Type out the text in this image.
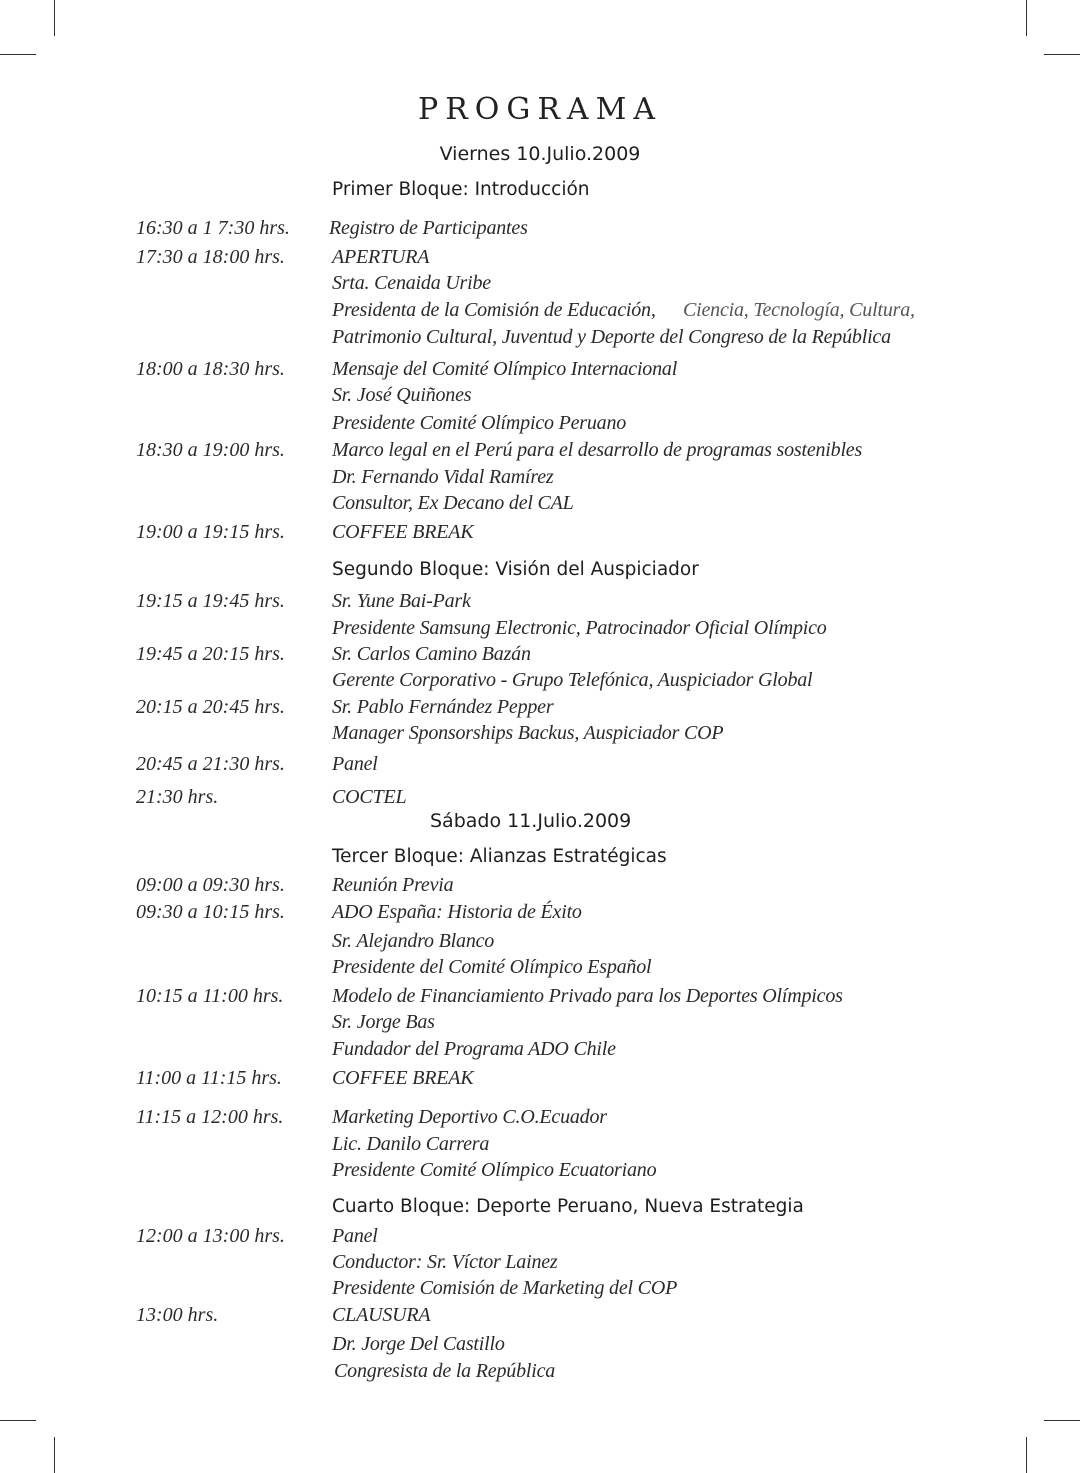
PROGRAMA
Viernes 10.Julio.2009
Primer Bloque: Introducción
16:30 a 1 7:30 hrs. Registro de Participantes
17:30 a 18:00 hrs. APERTURA
Srta. Cenaida Uribe
Presidenta de la Comisión de Educación, Ciencia, Tecnología, Cultura,
Patrimonio Cultural, Juventud y Deporte del Congreso de la República
18:00 a 18:30 hrs. Mensaje del Comité Olímpico Internacional
Sr. José Quiñones
Presidente Comité Olímpico Peruano
18:30 a 19:00 hrs. Marco legal en el Perú para el desarrollo de programas sostenibles
Dr. Fernando Vidal Ramírez
Consultor, Ex Decano del CAL
19:00 a 19:15 hrs. COFFEE BREAK
Segundo Bloque: Visión del Auspiciador
19:15 a 19:45 hrs. Sr. Yune Bai-Park
Presidente Samsung Electronic, Patrocinador Oficial Olímpico
19:45 a 20:15 hrs. Sr. Carlos Camino Bazán
Gerente Corporativo - Grupo Telefónica, Auspiciador Global
20:15 a 20:45 hrs. Sr. Pablo Fernández Pepper
Manager Sponsorships Backus, Auspiciador COP
20:45 a 21:30 hrs. Panel
21:30 hrs.	COCTEL
Sábado 11.Julio.2009
Tercer Bloque: Alianzas Estratégicas
09:00 a 09:30 hrs. Reunión Previa
09:30 a 10:15 hrs. ADO España: Historia de Éxito
Sr. Alejandro Blanco
Presidente del Comité Olímpico Español
10:15 a 11:00 hrs. Modelo de Financiamiento Privado para los Deportes Olímpicos
Sr. Jorge Bas
Fundador del Programa ADO Chile
11:00 a 11:15 hrs.	COFFEE BREAK
11:15 a 12:00 hrs. Marketing Deportivo C.O.Ecuador
Lic. Danilo Carrera
Presidente Comité Olímpico Ecuatoriano
Cuarto Bloque: Deporte Peruano, Nueva Estrategia
12:00 a 13:00 hrs. Panel
Conductor: Sr. Víctor Lainez
Presidente Comisión de Marketing del COP
13:00 hrs.	CLAUSURA
Dr. Jorge Del Castillo
Congresista de la República
